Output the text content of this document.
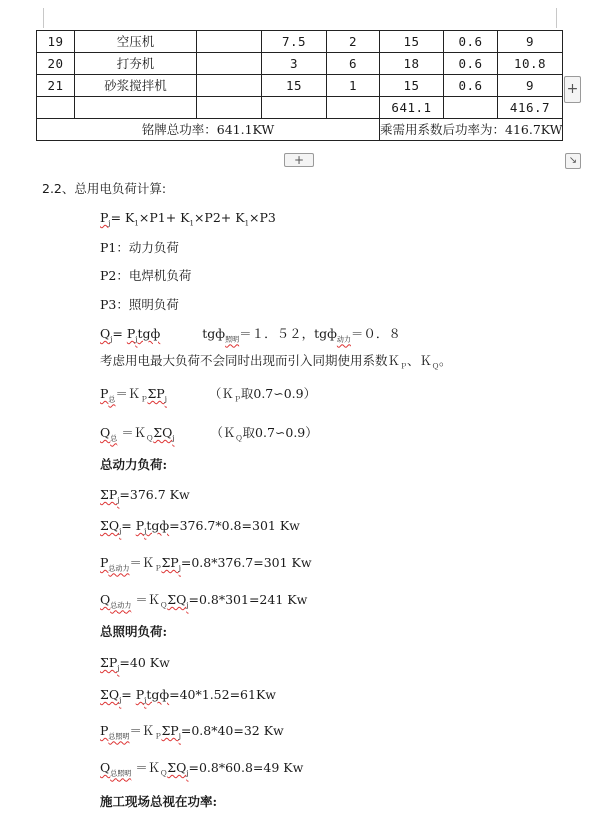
19	空压机		7.5	2	15	0.6	9
20	打夯机		3	6	18	0.6	10.8
21	砂浆搅拌机		15	1	15	0.6	9
					641.1		416.7
铭牌总功率：641.1KW					乘需用系数后功率为：416.7KW		
+
+	↘
2.2、总用电负荷计算:
$P_j= K_1\times P1+ K_1\times P2+ K_1\times P3$
P1：动力负荷
P2：电焊机负荷
P3：照明负荷
$Q_j= P_jtgф$	tgф$_{照明}$＝１．５２，tgф$_{动力}$＝０．８
考虑用电最大负荷不会同时出现而引入同期使用系数Ｋ$_P$、Ｋ$_Q$。
$P_总=K_P\Sigma P_j$	（Ｋ$_P$取0.7∽0.9）
$Q_总$ $=K_Q\Sigma Q_j$	（Ｋ$_Q$取0.7∽0.9）
总动力负荷:
$\Sigma P_j=376.7$ Kw
$\Sigma Q_j= P_jtgф=376.7*0.8=301$ Kw
$P_{总动力}=K_P\Sigma P_j=0.8*376.7=301$ Kw
$Q_{总动力}$ $=K_Q\Sigma Q_j=0.8*301=241$ Kw
总照明负荷:
$\Sigma P_j=40$ Kw
$\Sigma Q_j= P_jtgф=40*1.52=61Kw$
$P_{总照明}=K_P\Sigma P_j=0.8*40=32$ Kw
$Q_{总照明}$ $=K_Q\Sigma Q_j=0.8*60.8=49$ Kw
施工现场总视在功率:
